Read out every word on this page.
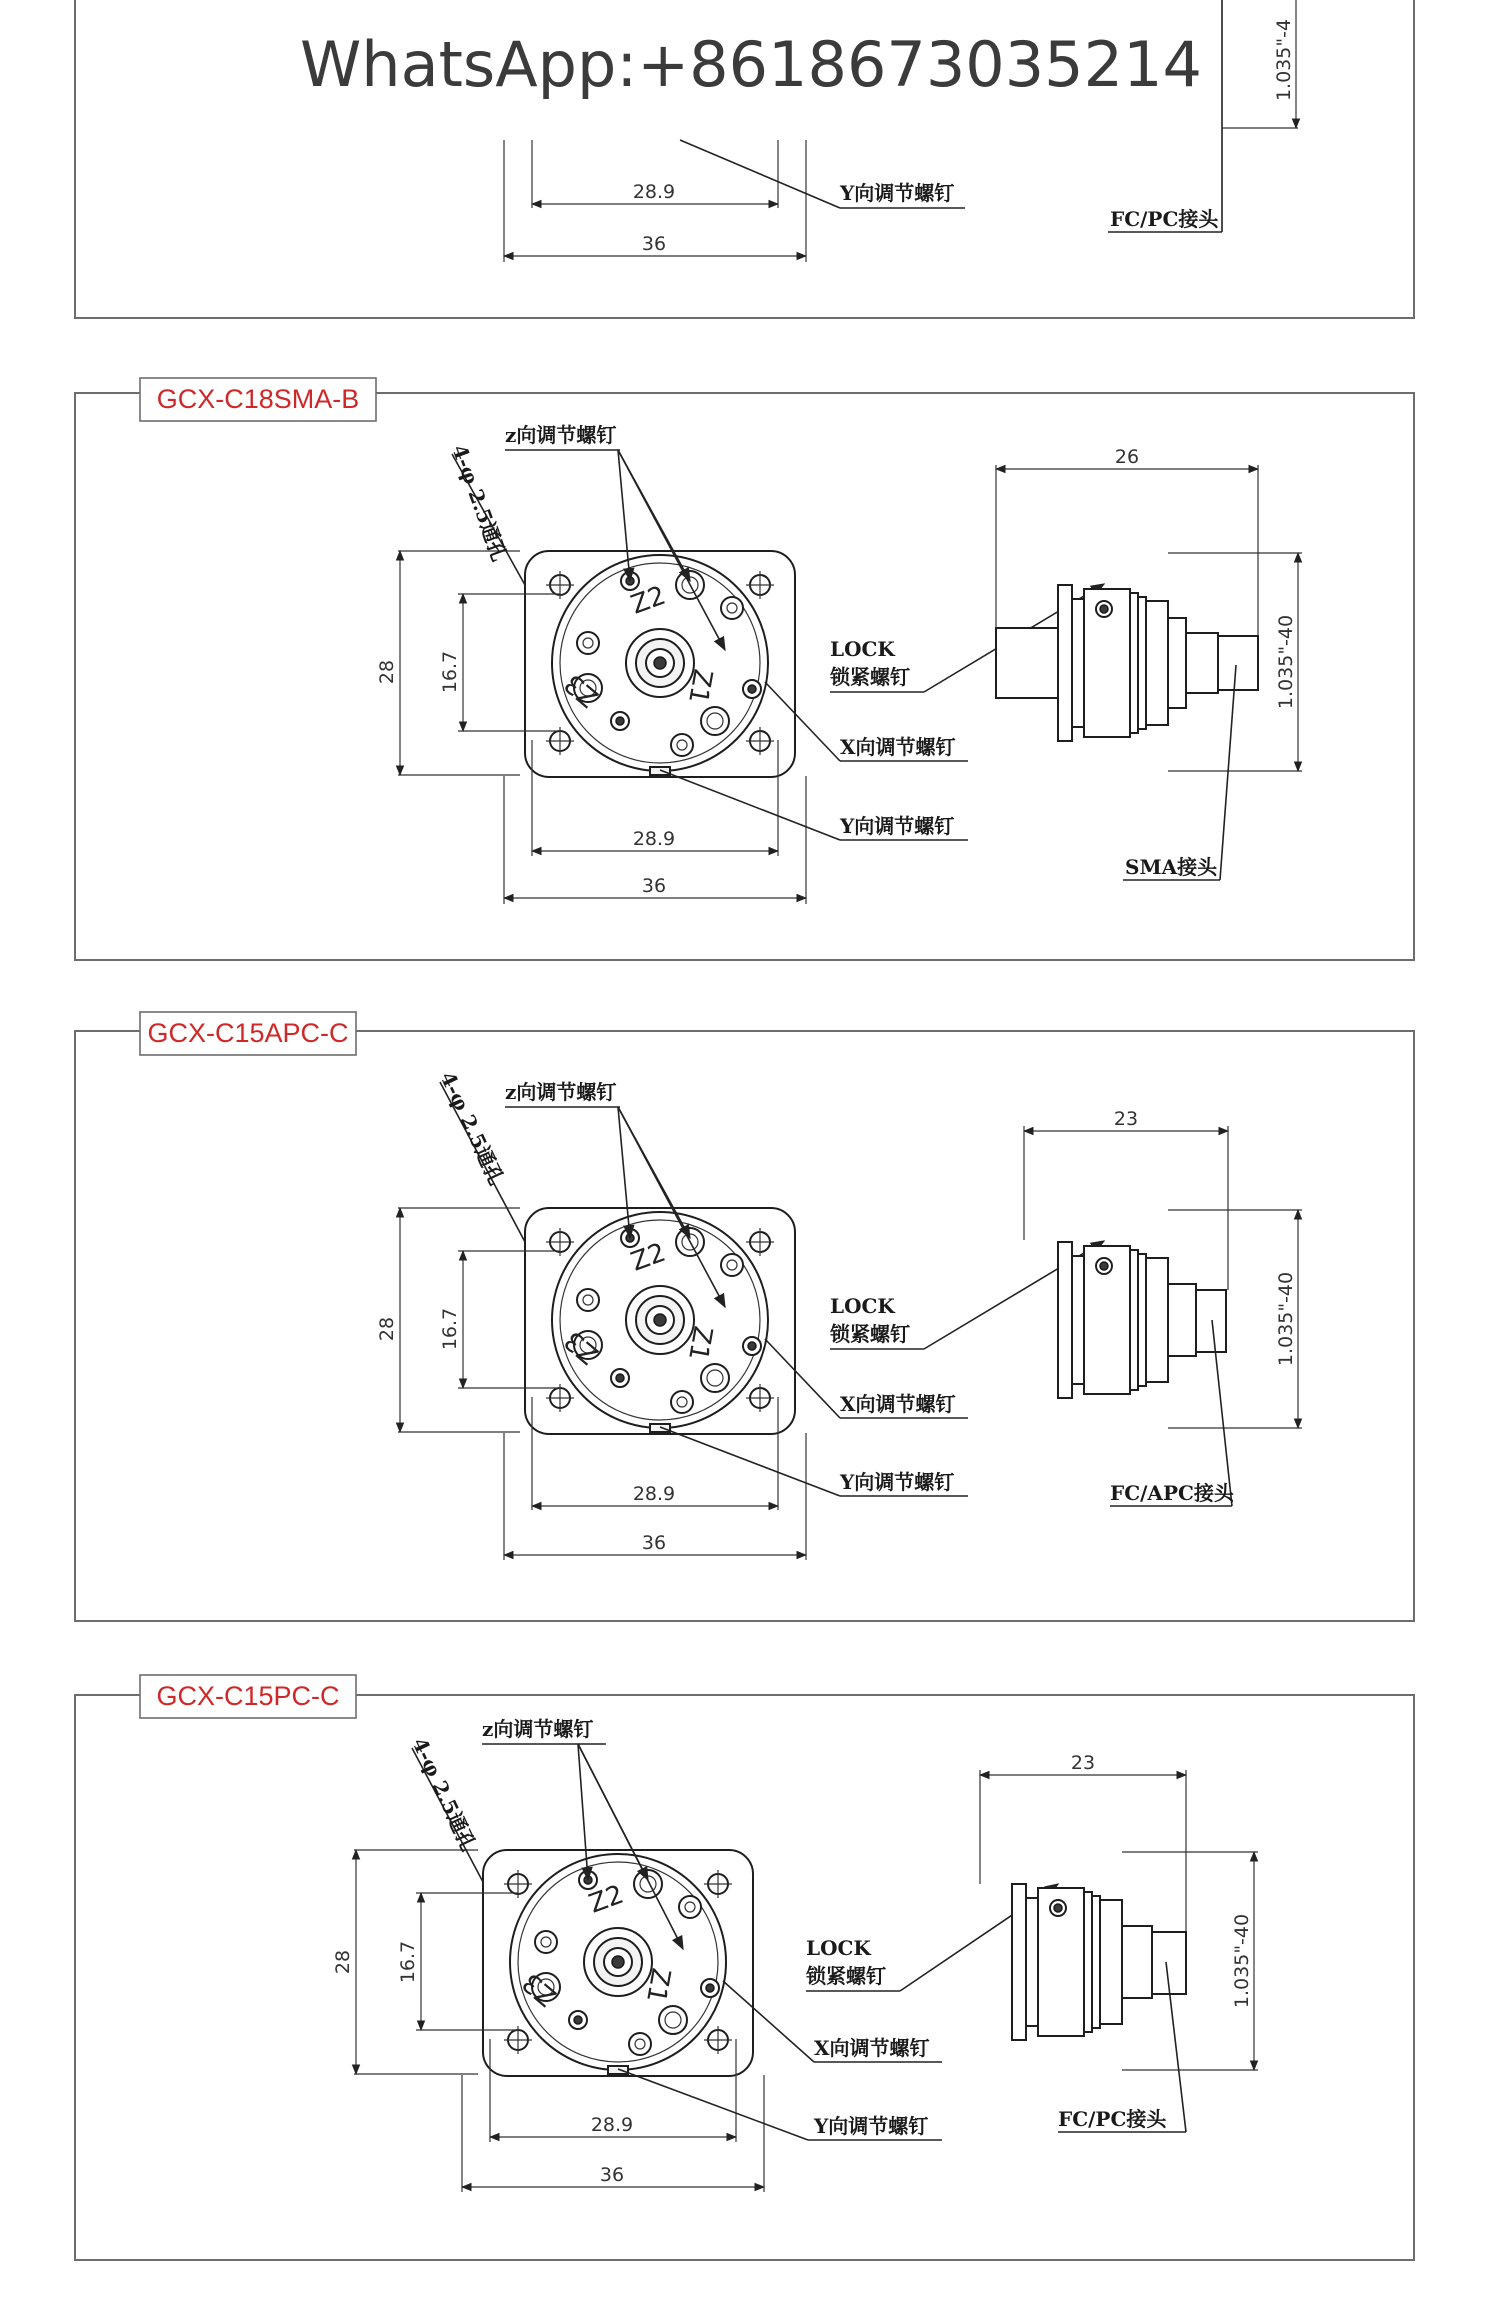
WhatsApp:+8618673035214
28.9
36
Y向调节螺钉
1.035"-4
FC/PC接头
GCX-C18SMA-B
Z2
Z1
Z3
28 16.7
28.9
36
4-φ 2.5通孔
z向调节螺钉
LOCK
锁紧螺钉
X向调节螺钉
Y向调节螺钉
26
1.035"-40
SMA接头
GCX-C15APC-C
Z2
Z1
Z3
28 16.7
28.9
36
4-φ 2.5通孔
z向调节螺钉
LOCK
锁紧螺钉
X向调节螺钉
Y向调节螺钉
23
1.035"-40
FC/APC接头
GCX-C15PC-C
Z2
Z1
Z3
28 16.7
28.9
36
4-φ 2.5通孔
z向调节螺钉
LOCK
锁紧螺钉
X向调节螺钉
Y向调节螺钉
23
1.035"-40
FC/PC接头
